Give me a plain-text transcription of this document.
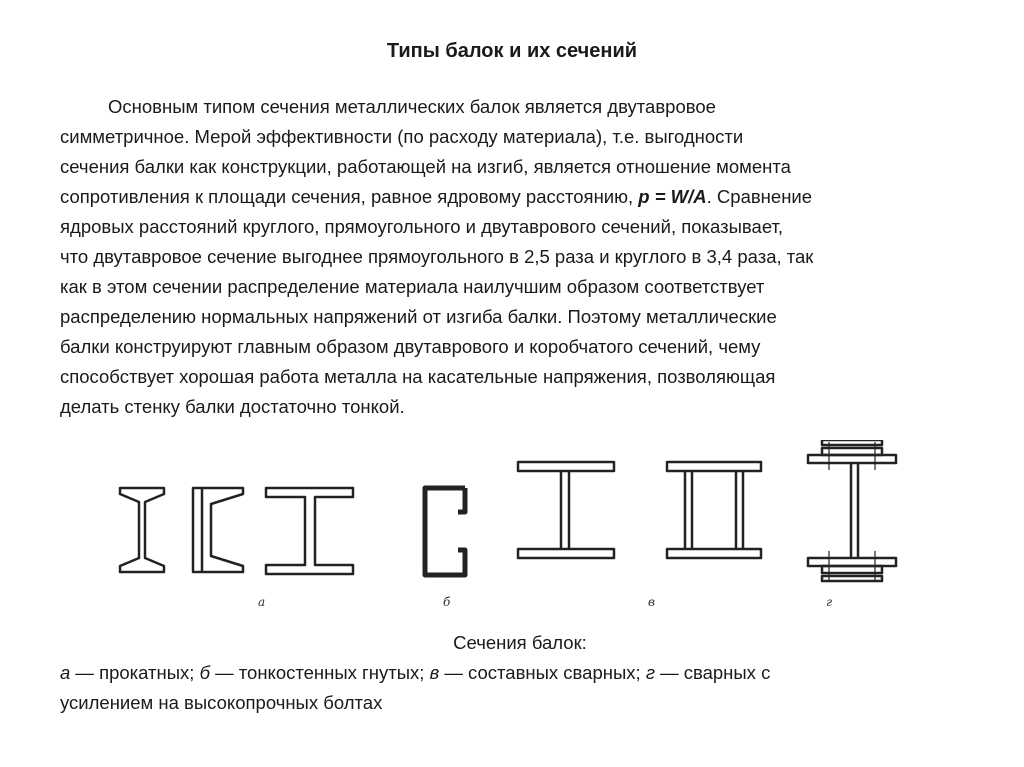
Типы балок и их сечений
Основным типом сечения металлических балок является двутавровое
симметричное. Мерой эффективности (по расходу материала), т.е. выгодности
сечения балки как конструкции, работающей на изгиб, является отношение момента
сопротивления к площади сечения, равное ядровому расстоянию, p = W/A. Сравнение
ядровых расстояний круглого, прямоугольного и двутаврового сечений, показывает,
что двутавровое сечение выгоднее прямоугольного в 2,5 раза и круглого в 3,4 раза, так
как в этом сечении распределение материала наилучшим образом соответствует
распределению нормальных напряжений от изгиба балки. Поэтому металлические
балки конструируют главным образом двутаврового и коробчатого сечений, чему
способствует хорошая работа металла на касательные напряжения, позволяющая
делать стенку балки достаточно тонкой.
а	б	в	г
Сечения балок:
а — прокатных; б — тонкостенных гнутых; в — составных сварных; г — сварных с
усилением на высокопрочных болтах
